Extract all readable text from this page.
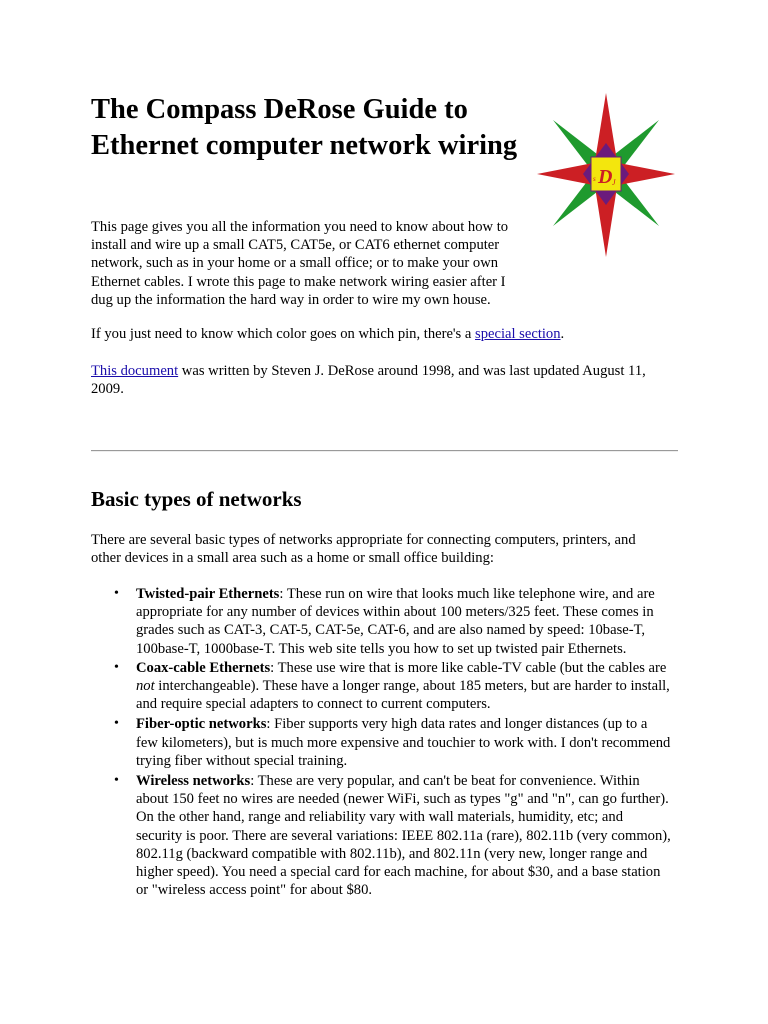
The Compass DeRose Guide to Ethernet computer network wiring
s D J

This page gives you all the information you need to know about how to install and wire up a small CAT5, CAT5e, or CAT6 ethernet computer network, such as in your home or a small office; or to make your own Ethernet cables. I wrote this page to make network wiring easier after I dug up the information the hard way in order to wire my own house.

If you just need to know which color goes on which pin, there's a special section.

This document was written by Steven J. DeRose around 1998, and was last updated August 11, 2009.

Basic types of networks

There are several basic types of networks appropriate for connecting computers, printers, and other devices in a small area such as a home or small office building:

• Twisted-pair Ethernets: These run on wire that looks much like telephone wire, and are appropriate for any number of devices within about 100 meters/325 feet. These comes in grades such as CAT-3, CAT-5, CAT-5e, CAT-6, and are also named by speed: 10base-T, 100base-T, 1000base-T. This web site tells you how to set up twisted pair Ethernets.
• Coax-cable Ethernets: These use wire that is more like cable-TV cable (but the cables are not interchangeable). These have a longer range, about 185 meters, but are harder to install, and require special adapters to connect to current computers.
• Fiber-optic networks: Fiber supports very high data rates and longer distances (up to a few kilometers), but is much more expensive and touchier to work with. I don't recommend trying fiber without special training.
• Wireless networks: These are very popular, and can't be beat for convenience. Within about 150 feet no wires are needed (newer WiFi, such as types "g" and "n", can go further). On the other hand, range and reliability vary with wall materials, humidity, etc; and security is poor. There are several variations: IEEE 802.11a (rare), 802.11b (very common), 802.11g (backward compatible with 802.11b), and 802.11n (very new, longer range and higher speed). You need a special card for each machine, for about $30, and a base station or "wireless access point" for about $80.
